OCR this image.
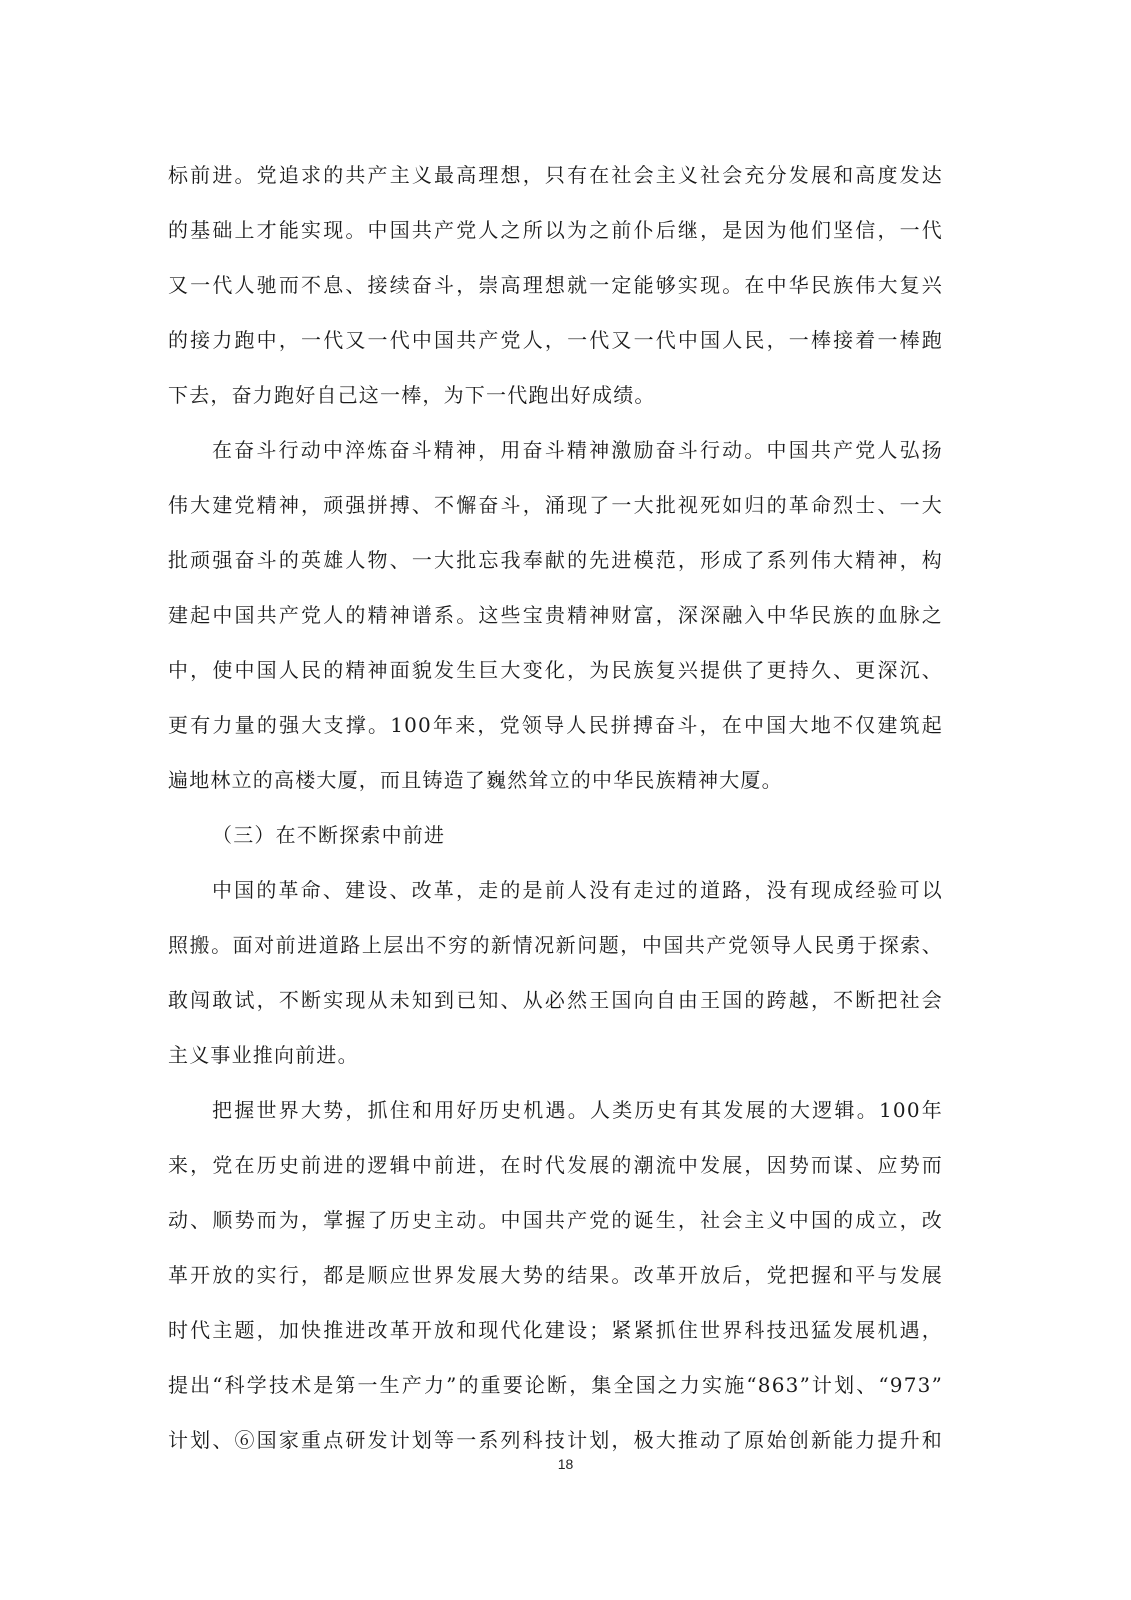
标前进。党追求的共产主义最高理想，只有在社会主义社会充分发展和高度发达
的基础上才能实现。中国共产党人之所以为之前仆后继，是因为他们坚信，一代
又一代人驰而不息、接续奋斗，崇高理想就一定能够实现。在中华民族伟大复兴
的接力跑中，一代又一代中国共产党人，一代又一代中国人民，一棒接着一棒跑
下去，奋力跑好自己这一棒，为下一代跑出好成绩。

在奋斗行动中淬炼奋斗精神，用奋斗精神激励奋斗行动。中国共产党人弘扬
伟大建党精神，顽强拼搏、不懈奋斗，涌现了一大批视死如归的革命烈士、一大
批顽强奋斗的英雄人物、一大批忘我奉献的先进模范，形成了系列伟大精神，构
建起中国共产党人的精神谱系。这些宝贵精神财富，深深融入中华民族的血脉之
中，使中国人民的精神面貌发生巨大变化，为民族复兴提供了更持久、更深沉、
更有力量的强大支撑。100年来，党领导人民拼搏奋斗，在中国大地不仅建筑起
遍地林立的高楼大厦，而且铸造了巍然耸立的中华民族精神大厦。

（三）在不断探索中前进

中国的革命、建设、改革，走的是前人没有走过的道路，没有现成经验可以
照搬。面对前进道路上层出不穷的新情况新问题，中国共产党领导人民勇于探索、
敢闯敢试，不断实现从未知到已知、从必然王国向自由王国的跨越，不断把社会
主义事业推向前进。

把握世界大势，抓住和用好历史机遇。人类历史有其发展的大逻辑。100年
来，党在历史前进的逻辑中前进，在时代发展的潮流中发展，因势而谋、应势而
动、顺势而为，掌握了历史主动。中国共产党的诞生，社会主义中国的成立，改
革开放的实行，都是顺应世界发展大势的结果。改革开放后，党把握和平与发展
时代主题，加快推进改革开放和现代化建设；紧紧抓住世界科技迅猛发展机遇，
提出“科学技术是第一生产力”的重要论断，集全国之力实施“863”计划、“973”
计划、⑥国家重点研发计划等一系列科技计划，极大推动了原始创新能力提升和

18
